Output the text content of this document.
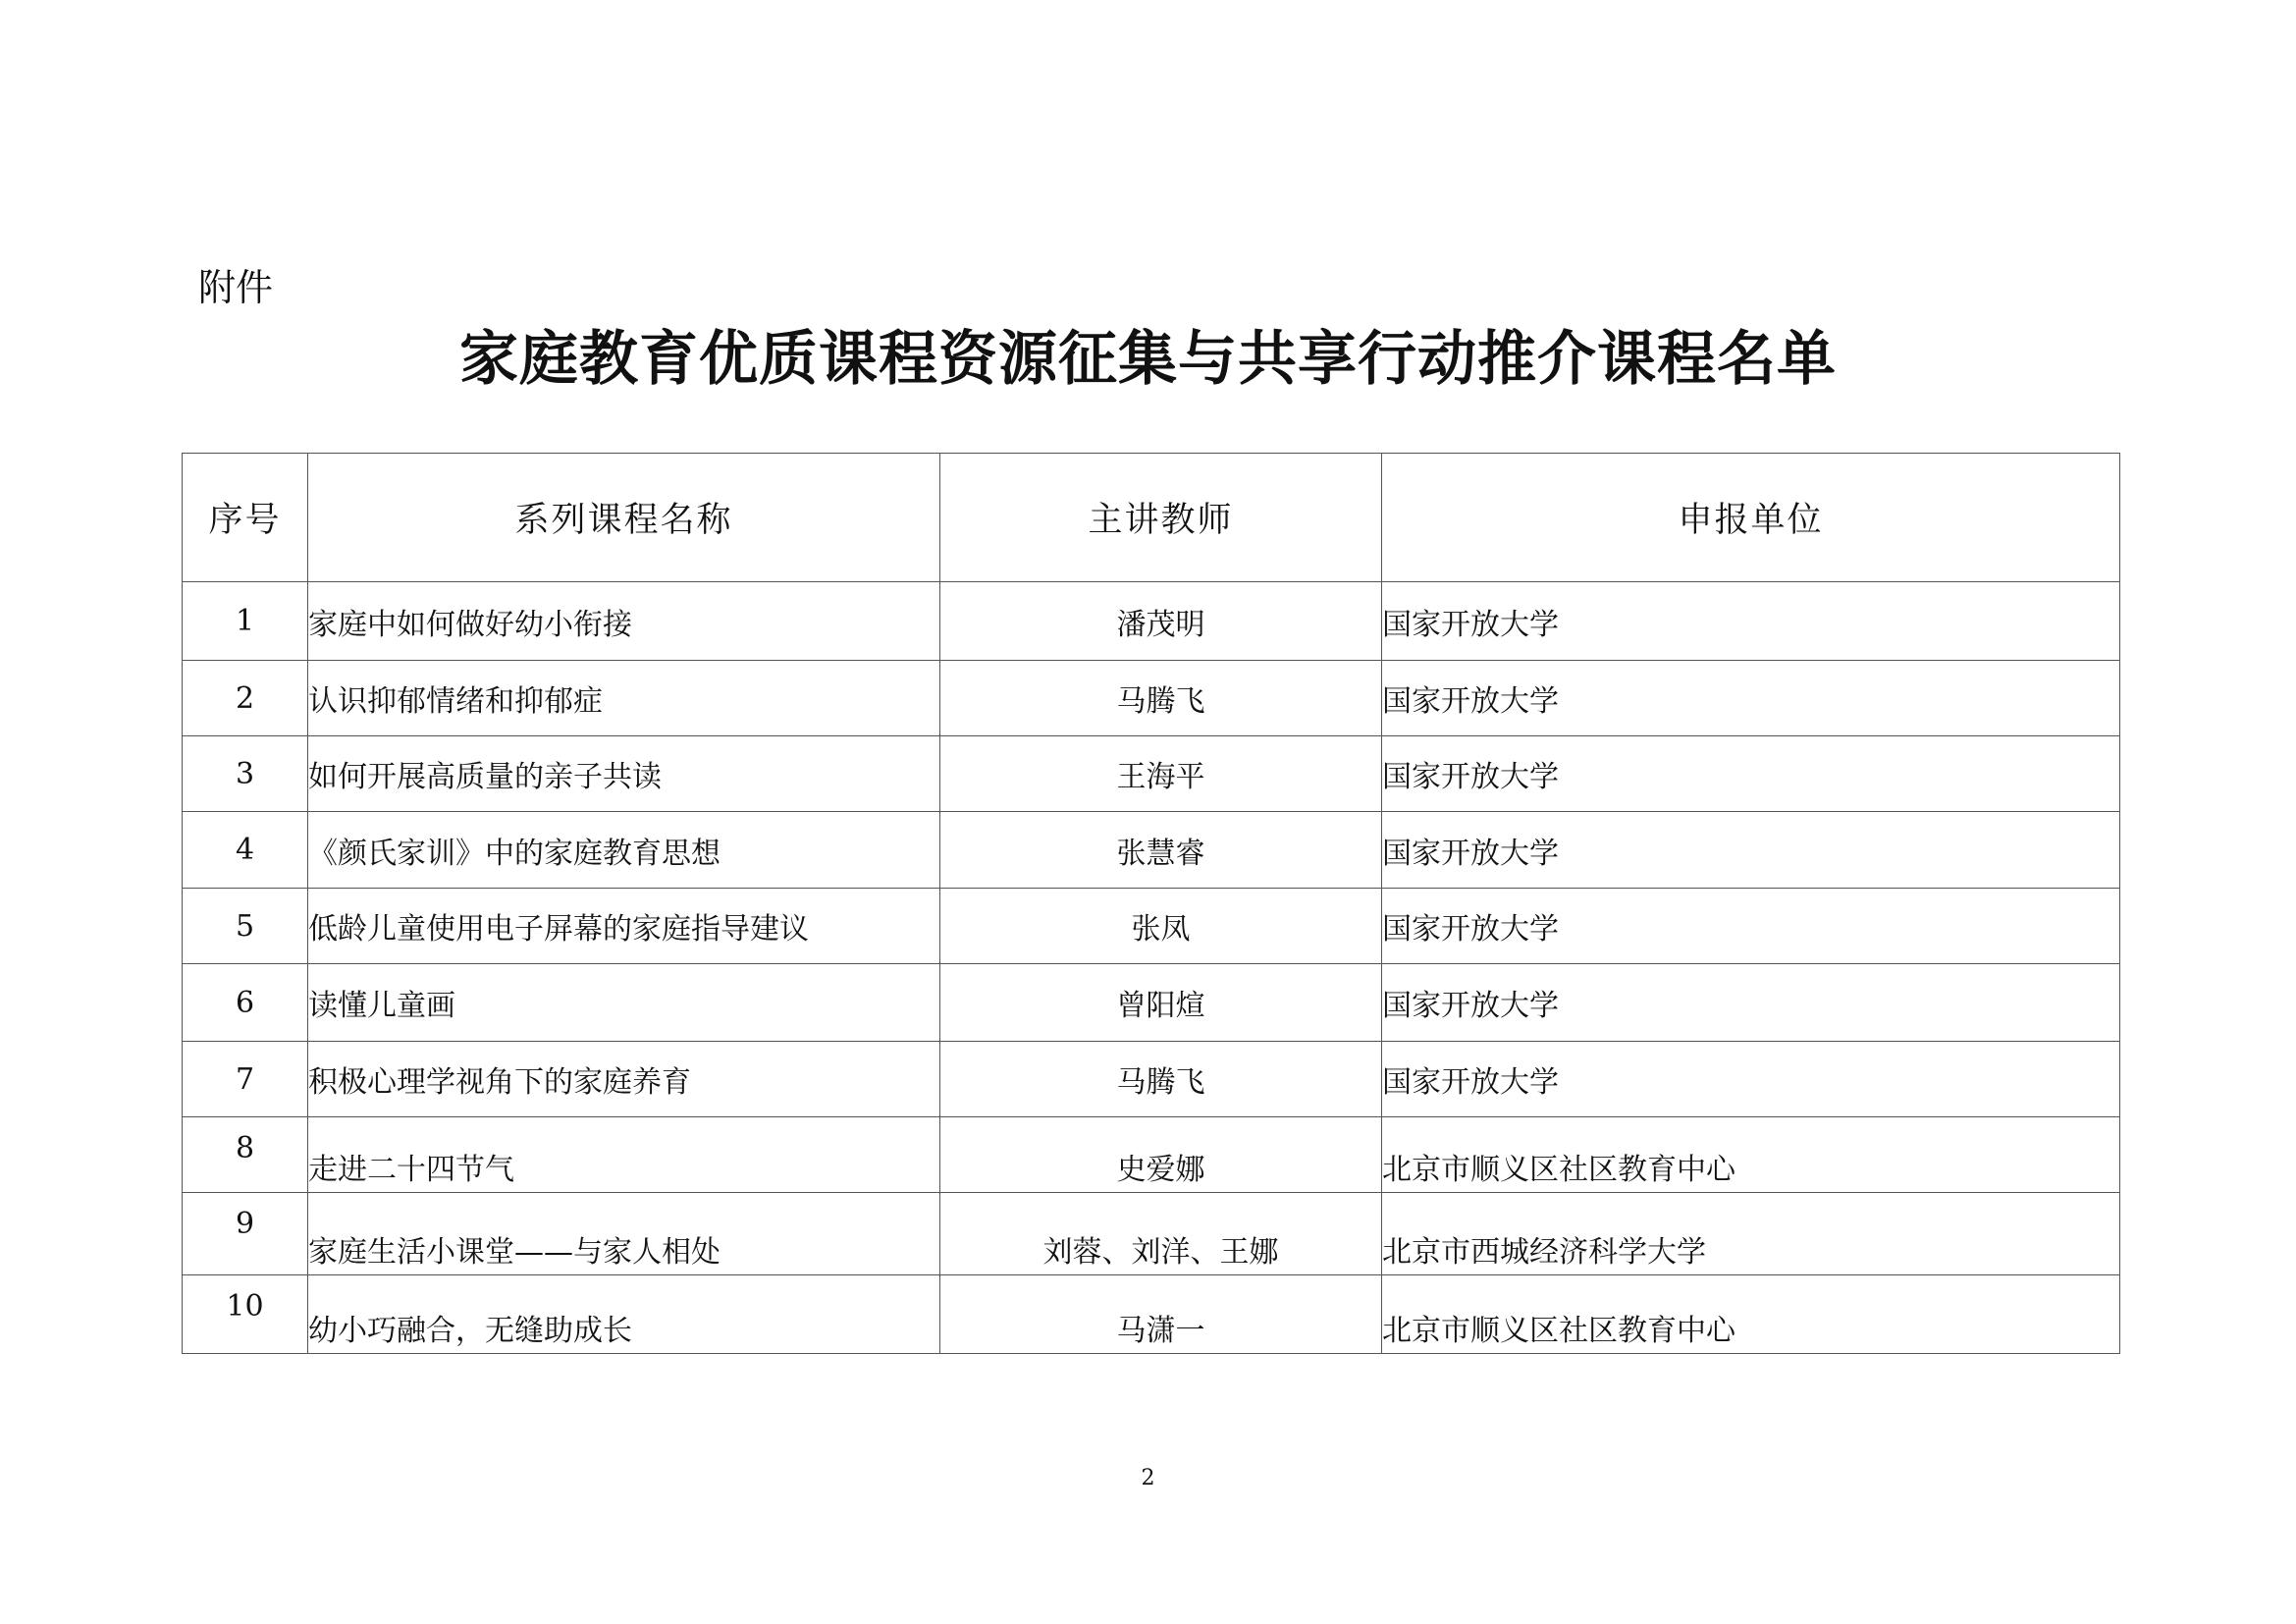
附件
家庭教育优质课程资源征集与共享行动推介课程名单
序号	系列课程名称	主讲教师	申报单位
1	家庭中如何做好幼小衔接	潘茂明	国家开放大学
2	认识抑郁情绪和抑郁症	马腾飞	国家开放大学
3	如何开展高质量的亲子共读	王海平	国家开放大学
4	《颜氏家训》中的家庭教育思想	张慧睿	国家开放大学
5	低龄儿童使用电子屏幕的家庭指导建议	张凤	国家开放大学
6	读懂儿童画	曾阳煊	国家开放大学
7	积极心理学视角下的家庭养育	马腾飞	国家开放大学
8	走进二十四节气	史爱娜	北京市顺义区社区教育中心
9	家庭生活小课堂——与家人相处	刘蓉、刘洋、王娜	北京市西城经济科学大学
10	幼小巧融合，无缝助成长	马潇一	北京市顺义区社区教育中心
2
